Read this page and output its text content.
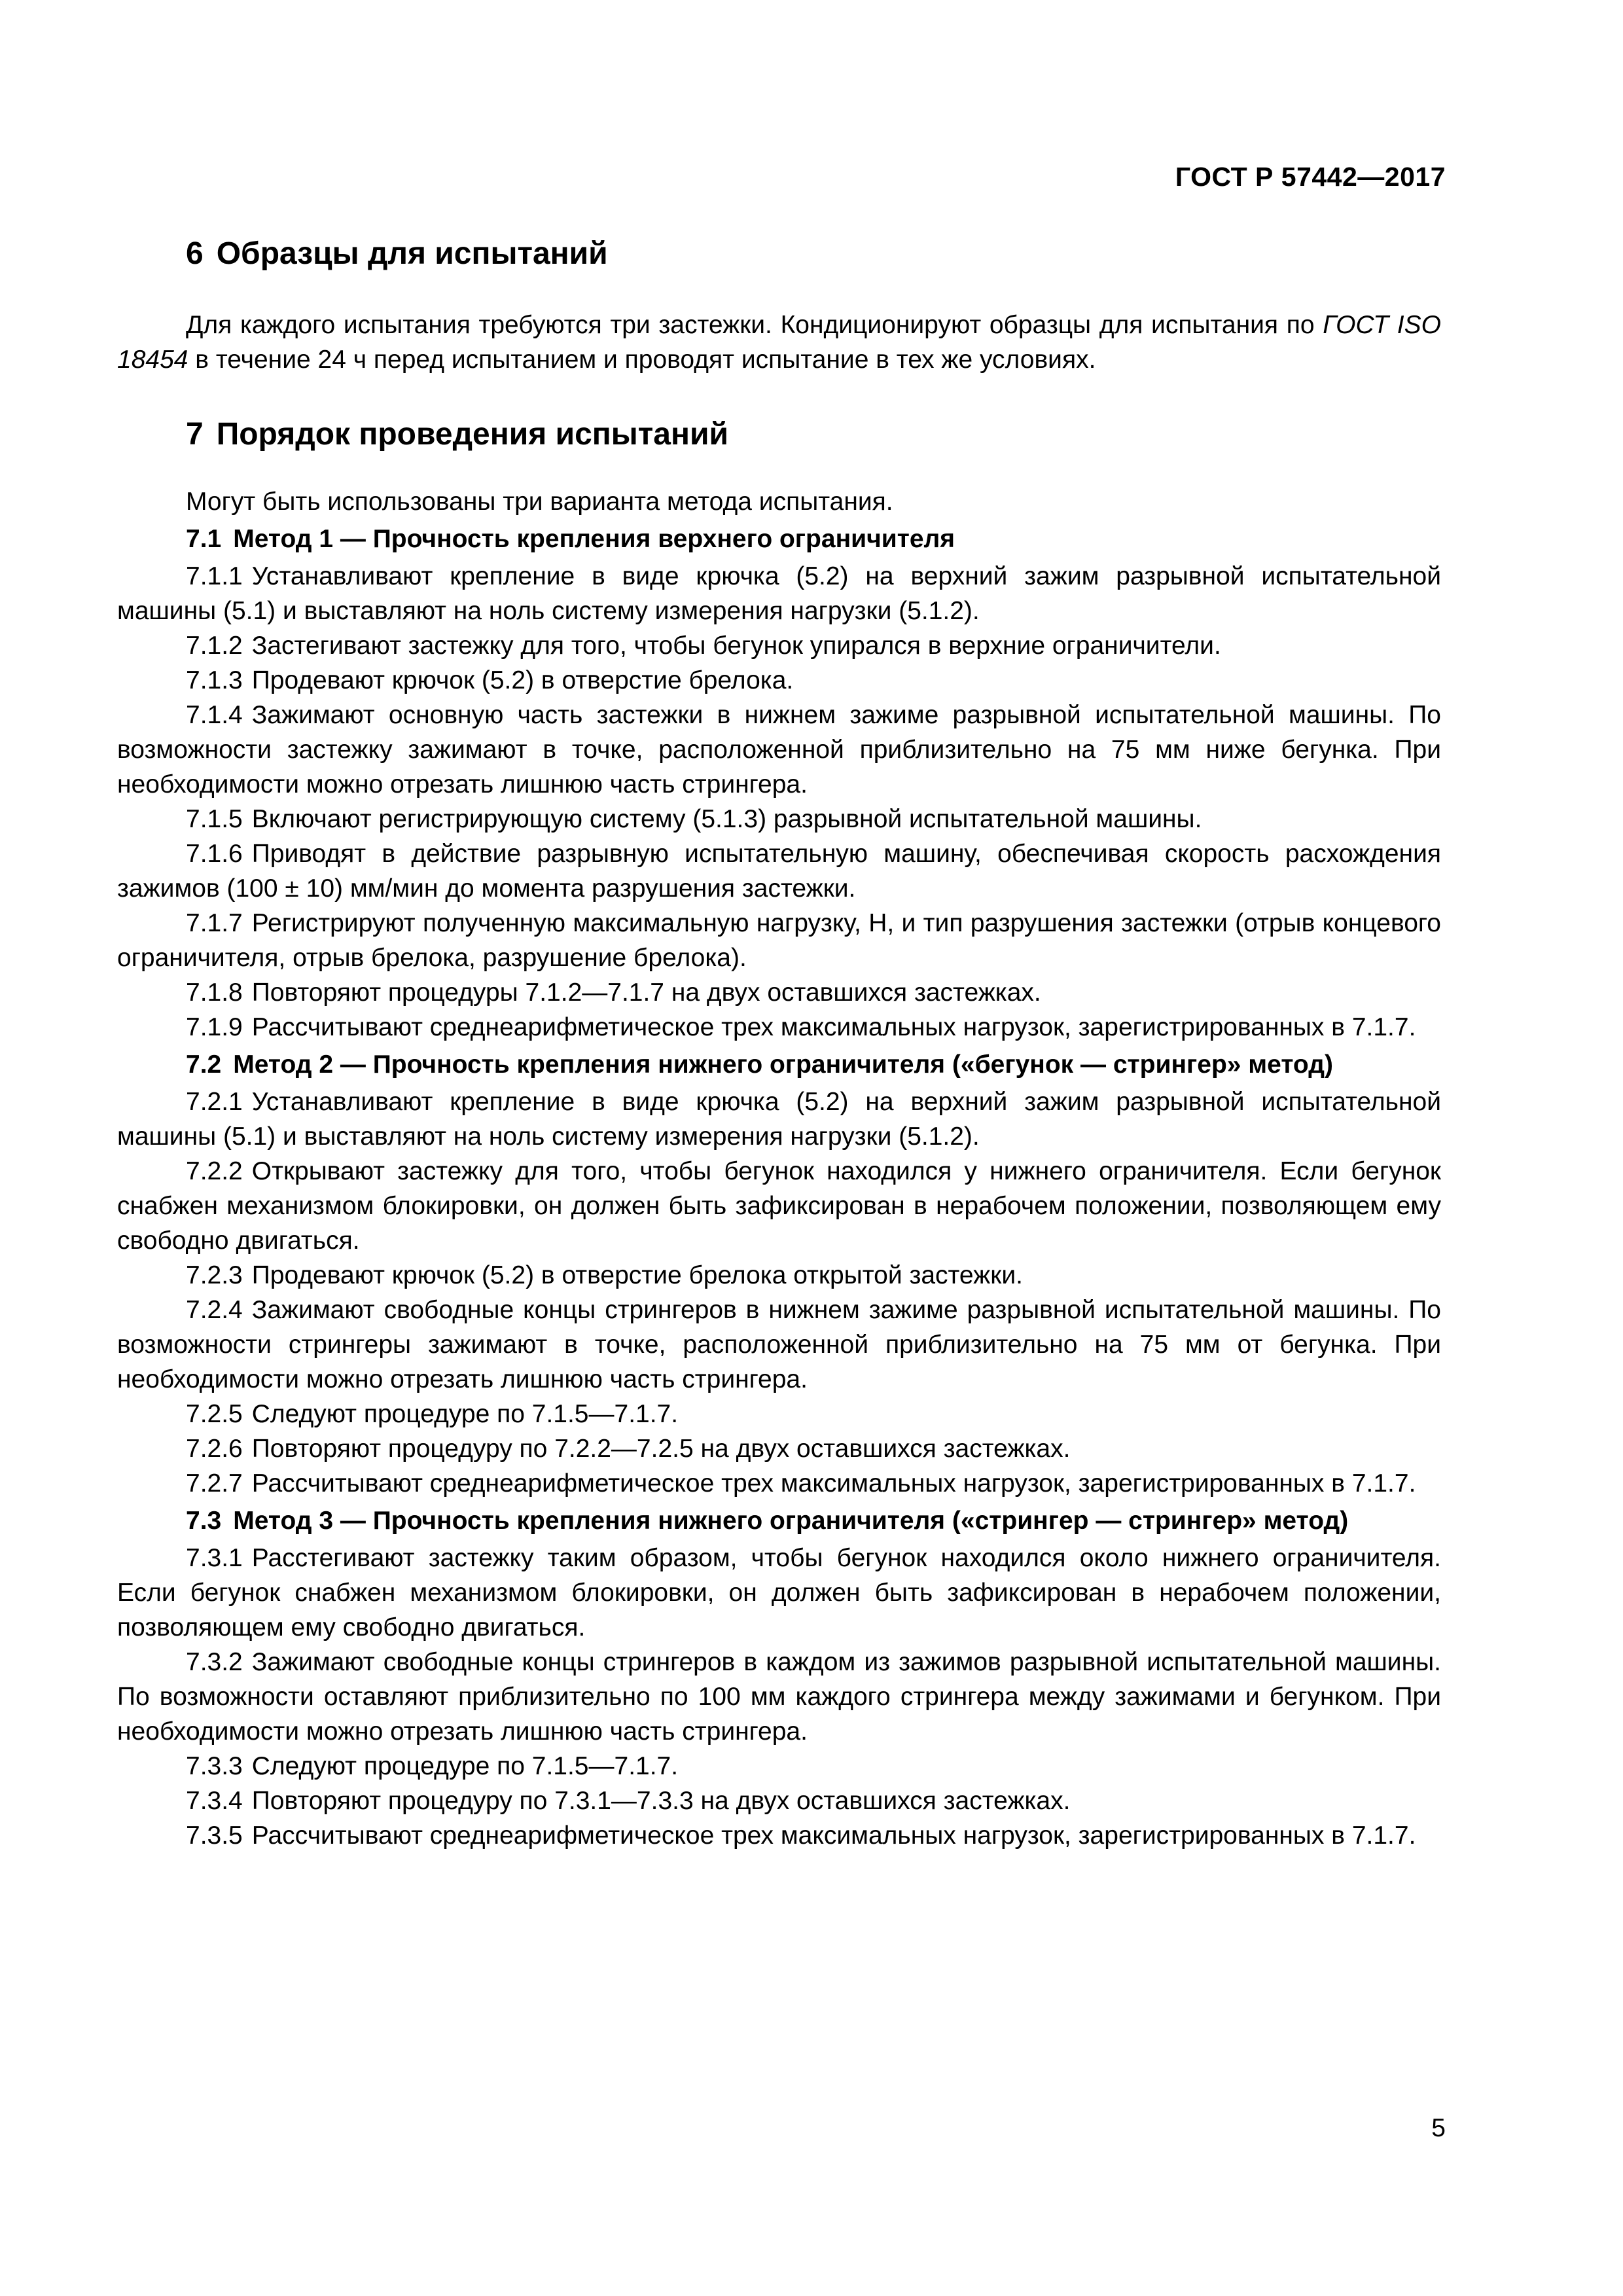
ГОСТ Р 57442—2017
6 Образцы для испытаний

Для каждого испытания требуются три застежки. Кондиционируют образцы для испытания по ГОСТ ISO 18454 в течение 24 ч перед испытанием и проводят испытание в тех же условиях.

7 Порядок проведения испытаний

Могут быть использованы три варианта метода испытания.

7.1 Метод 1 — Прочность крепления верхнего ограничителя

7.1.1 Устанавливают крепление в виде крючка (5.2) на верхний зажим разрывной испытательной машины (5.1) и выставляют на ноль систему измерения нагрузки (5.1.2).

7.1.2 Застегивают застежку для того, чтобы бегунок упирался в верхние ограничители.

7.1.3 Продевают крючок (5.2) в отверстие брелока.

7.1.4 Зажимают основную часть застежки в нижнем зажиме разрывной испытательной машины. По возможности застежку зажимают в точке, расположенной приблизительно на 75 мм ниже бегунка. При необходимости можно отрезать лишнюю часть стрингера.

7.1.5 Включают регистрирующую систему (5.1.3) разрывной испытательной машины.

7.1.6 Приводят в действие разрывную испытательную машину, обеспечивая скорость расхождения зажимов (100 ± 10) мм/мин до момента разрушения застежки.

7.1.7 Регистрируют полученную максимальную нагрузку, Н, и тип разрушения застежки (отрыв концевого ограничителя, отрыв брелока, разрушение брелока).

7.1.8 Повторяют процедуры 7.1.2—7.1.7 на двух оставшихся застежках.

7.1.9 Рассчитывают среднеарифметическое трех максимальных нагрузок, зарегистрированных в 7.1.7.

7.2 Метод 2 — Прочность крепления нижнего ограничителя («бегунок — стрингер» метод)

7.2.1 Устанавливают крепление в виде крючка (5.2) на верхний зажим разрывной испытательной машины (5.1) и выставляют на ноль систему измерения нагрузки (5.1.2).

7.2.2 Открывают застежку для того, чтобы бегунок находился у нижнего ограничителя. Если бегунок снабжен механизмом блокировки, он должен быть зафиксирован в нерабочем положении, позволяющем ему свободно двигаться.

7.2.3 Продевают крючок (5.2) в отверстие брелока открытой застежки.

7.2.4 Зажимают свободные концы стрингеров в нижнем зажиме разрывной испытательной машины. По возможности стрингеры зажимают в точке, расположенной приблизительно на 75 мм от бегунка. При необходимости можно отрезать лишнюю часть стрингера.

7.2.5 Следуют процедуре по 7.1.5—7.1.7.

7.2.6 Повторяют процедуру по 7.2.2—7.2.5 на двух оставшихся застежках.

7.2.7 Рассчитывают среднеарифметическое трех максимальных нагрузок, зарегистрированных в 7.1.7.

7.3 Метод 3 — Прочность крепления нижнего ограничителя («стрингер — стрингер» метод)

7.3.1 Расстегивают застежку таким образом, чтобы бегунок находился около нижнего ограничителя. Если бегунок снабжен механизмом блокировки, он должен быть зафиксирован в нерабочем положении, позволяющем ему свободно двигаться.

7.3.2 Зажимают свободные концы стрингеров в каждом из зажимов разрывной испытательной машины. По возможности оставляют приблизительно по 100 мм каждого стрингера между зажимами и бегунком. При необходимости можно отрезать лишнюю часть стрингера.

7.3.3 Следуют процедуре по 7.1.5—7.1.7.

7.3.4 Повторяют процедуру по 7.3.1—7.3.3 на двух оставшихся застежках.

7.3.5 Рассчитывают среднеарифметическое трех максимальных нагрузок, зарегистрированных в 7.1.7.

5
